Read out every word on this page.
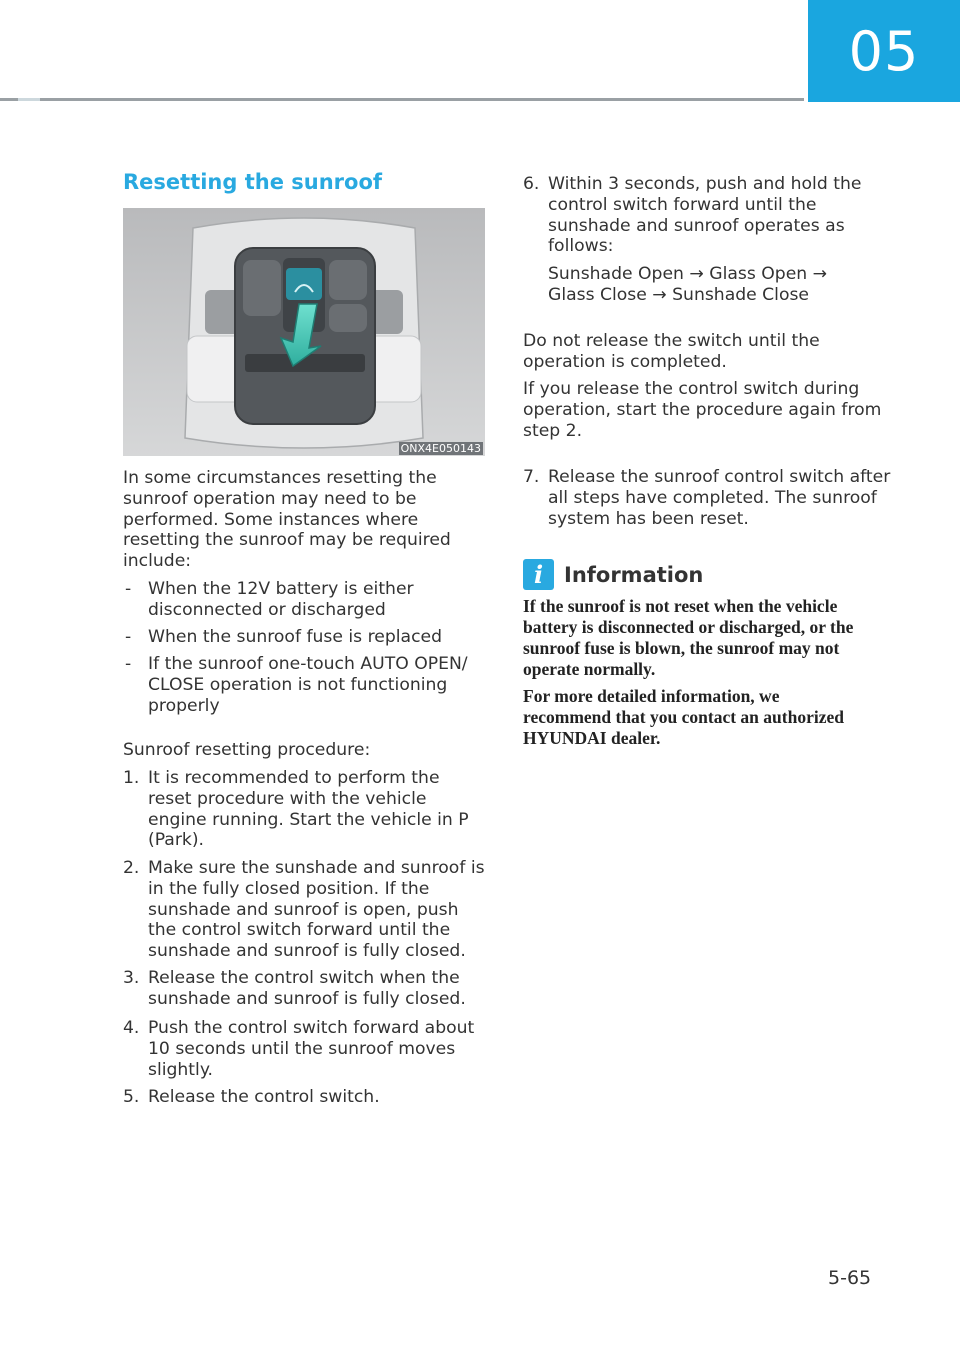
05
Resetting the sunroof
ONX4E050143

In some circumstances resetting the sunroof operation may need to be performed. Some instances where resetting the sunroof may be required include:

- When the 12V battery is either disconnected or discharged
- When the sunroof fuse is replaced
- If the sunroof one-touch AUTO OPEN/ CLOSE operation is not functioning properly

Sunroof resetting procedure:

1. It is recommended to perform the reset procedure with the vehicle engine running. Start the vehicle in P (Park).
2. Make sure the sunshade and sunroof is in the fully closed position. If the sunshade and sunroof is open, push the control switch forward until the sunshade and sunroof is fully closed.
3. Release the control switch when the sunshade and sunroof is fully closed.
4. Push the control switch forward about 10 seconds until the sunroof moves slightly.
5. Release the control switch.
6. Within 3 seconds, push and hold the control switch forward until the sunshade and sunroof operates as follows:
Sunshade Open → Glass Open → Glass Close → Sunshade Close

Do not release the switch until the operation is completed.

If you release the control switch during operation, start the procedure again from step 2.

7. Release the sunroof control switch after all steps have completed. The sunroof system has been reset.
i Information

If the sunroof is not reset when the vehicle battery is disconnected or discharged, or the sunroof fuse is blown, the sunroof may not operate normally.

For more detailed information, we recommend that you contact an authorized HYUNDAI dealer.

5-65
